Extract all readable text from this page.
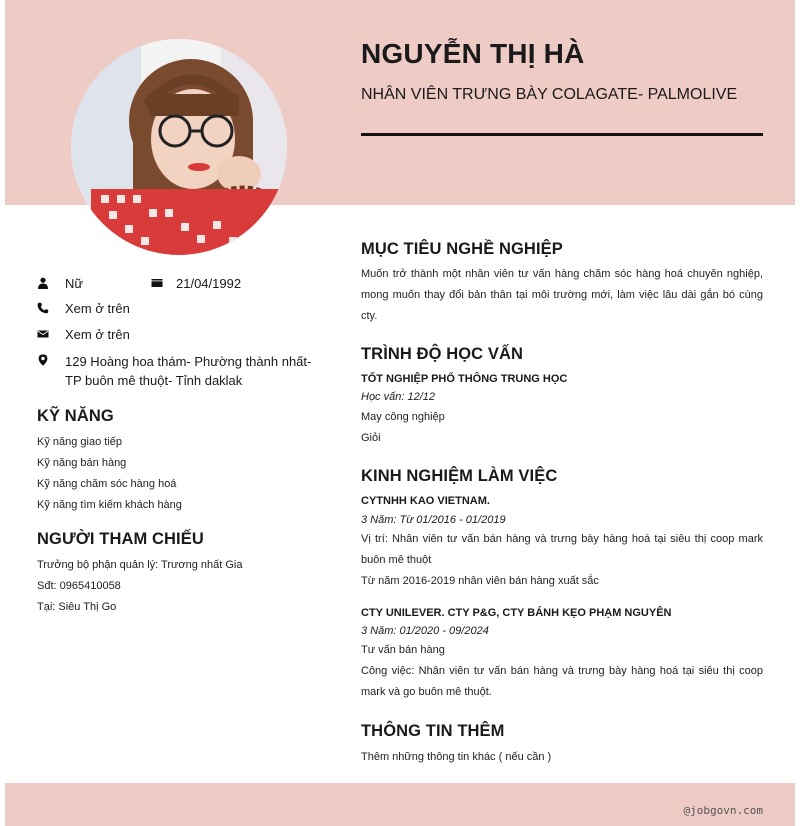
NGUYỄN THỊ HÀ
NHÂN VIÊN TRƯNG BÀY COLAGATE- PALMOLIVE
Nữ	21/04/1992
Xem ở trên
Xem ở trên
129 Hoàng hoa thám- Phường thành nhất-
TP buôn mê thuột- Tỉnh daklak
KỸ NĂNG
Kỹ năng giao tiếp
Kỹ năng bán hàng
Kỹ năng chăm sóc hàng hoá
Kỹ năng tìm kiếm khách hàng
NGƯỜI THAM CHIẾU
Trưởng bộ phận quản lý: Trương nhất Gia
Sđt: 0965410058
Tại: Siêu Thị Go
MỤC TIÊU NGHỀ NGHIỆP
Muốn trở thành một nhân viên tư vấn hàng chăm sóc hàng hoá chuyên nghiệp, mong muốn thay đổi bản thân tại môi trường mới, làm việc lâu dài gắn bó cùng cty.
TRÌNH ĐỘ HỌC VẤN
TỐT NGHIỆP PHỔ THÔNG TRUNG HỌC
Học vấn: 12/12
May công nghiệp
Giỏi
KINH NGHIỆM LÀM VIỆC
CYTNHH KAO VIETNAM.
3 Năm: Từ 01/2016 - 01/2019
Vị trí: Nhân viên tư vấn bán hàng và trưng bày hàng hoá tại siêu thị coop mark buôn mê thuột
Từ năm 2016-2019 nhân viên bán hàng xuất sắc
CTY UNILEVER. CTY P&G, CTY BÁNH KẸO PHẠM NGUYÊN
3 Năm: 01/2020 - 09/2024
Tư vấn bán hàng
Công việc: Nhân viên tư vấn bán hàng và trưng bày hàng hoá tại siêu thị coop mark và go buôn mê thuột.
THÔNG TIN THÊM
Thêm những thông tin khác ( nếu cần )
@jobgovn.com
